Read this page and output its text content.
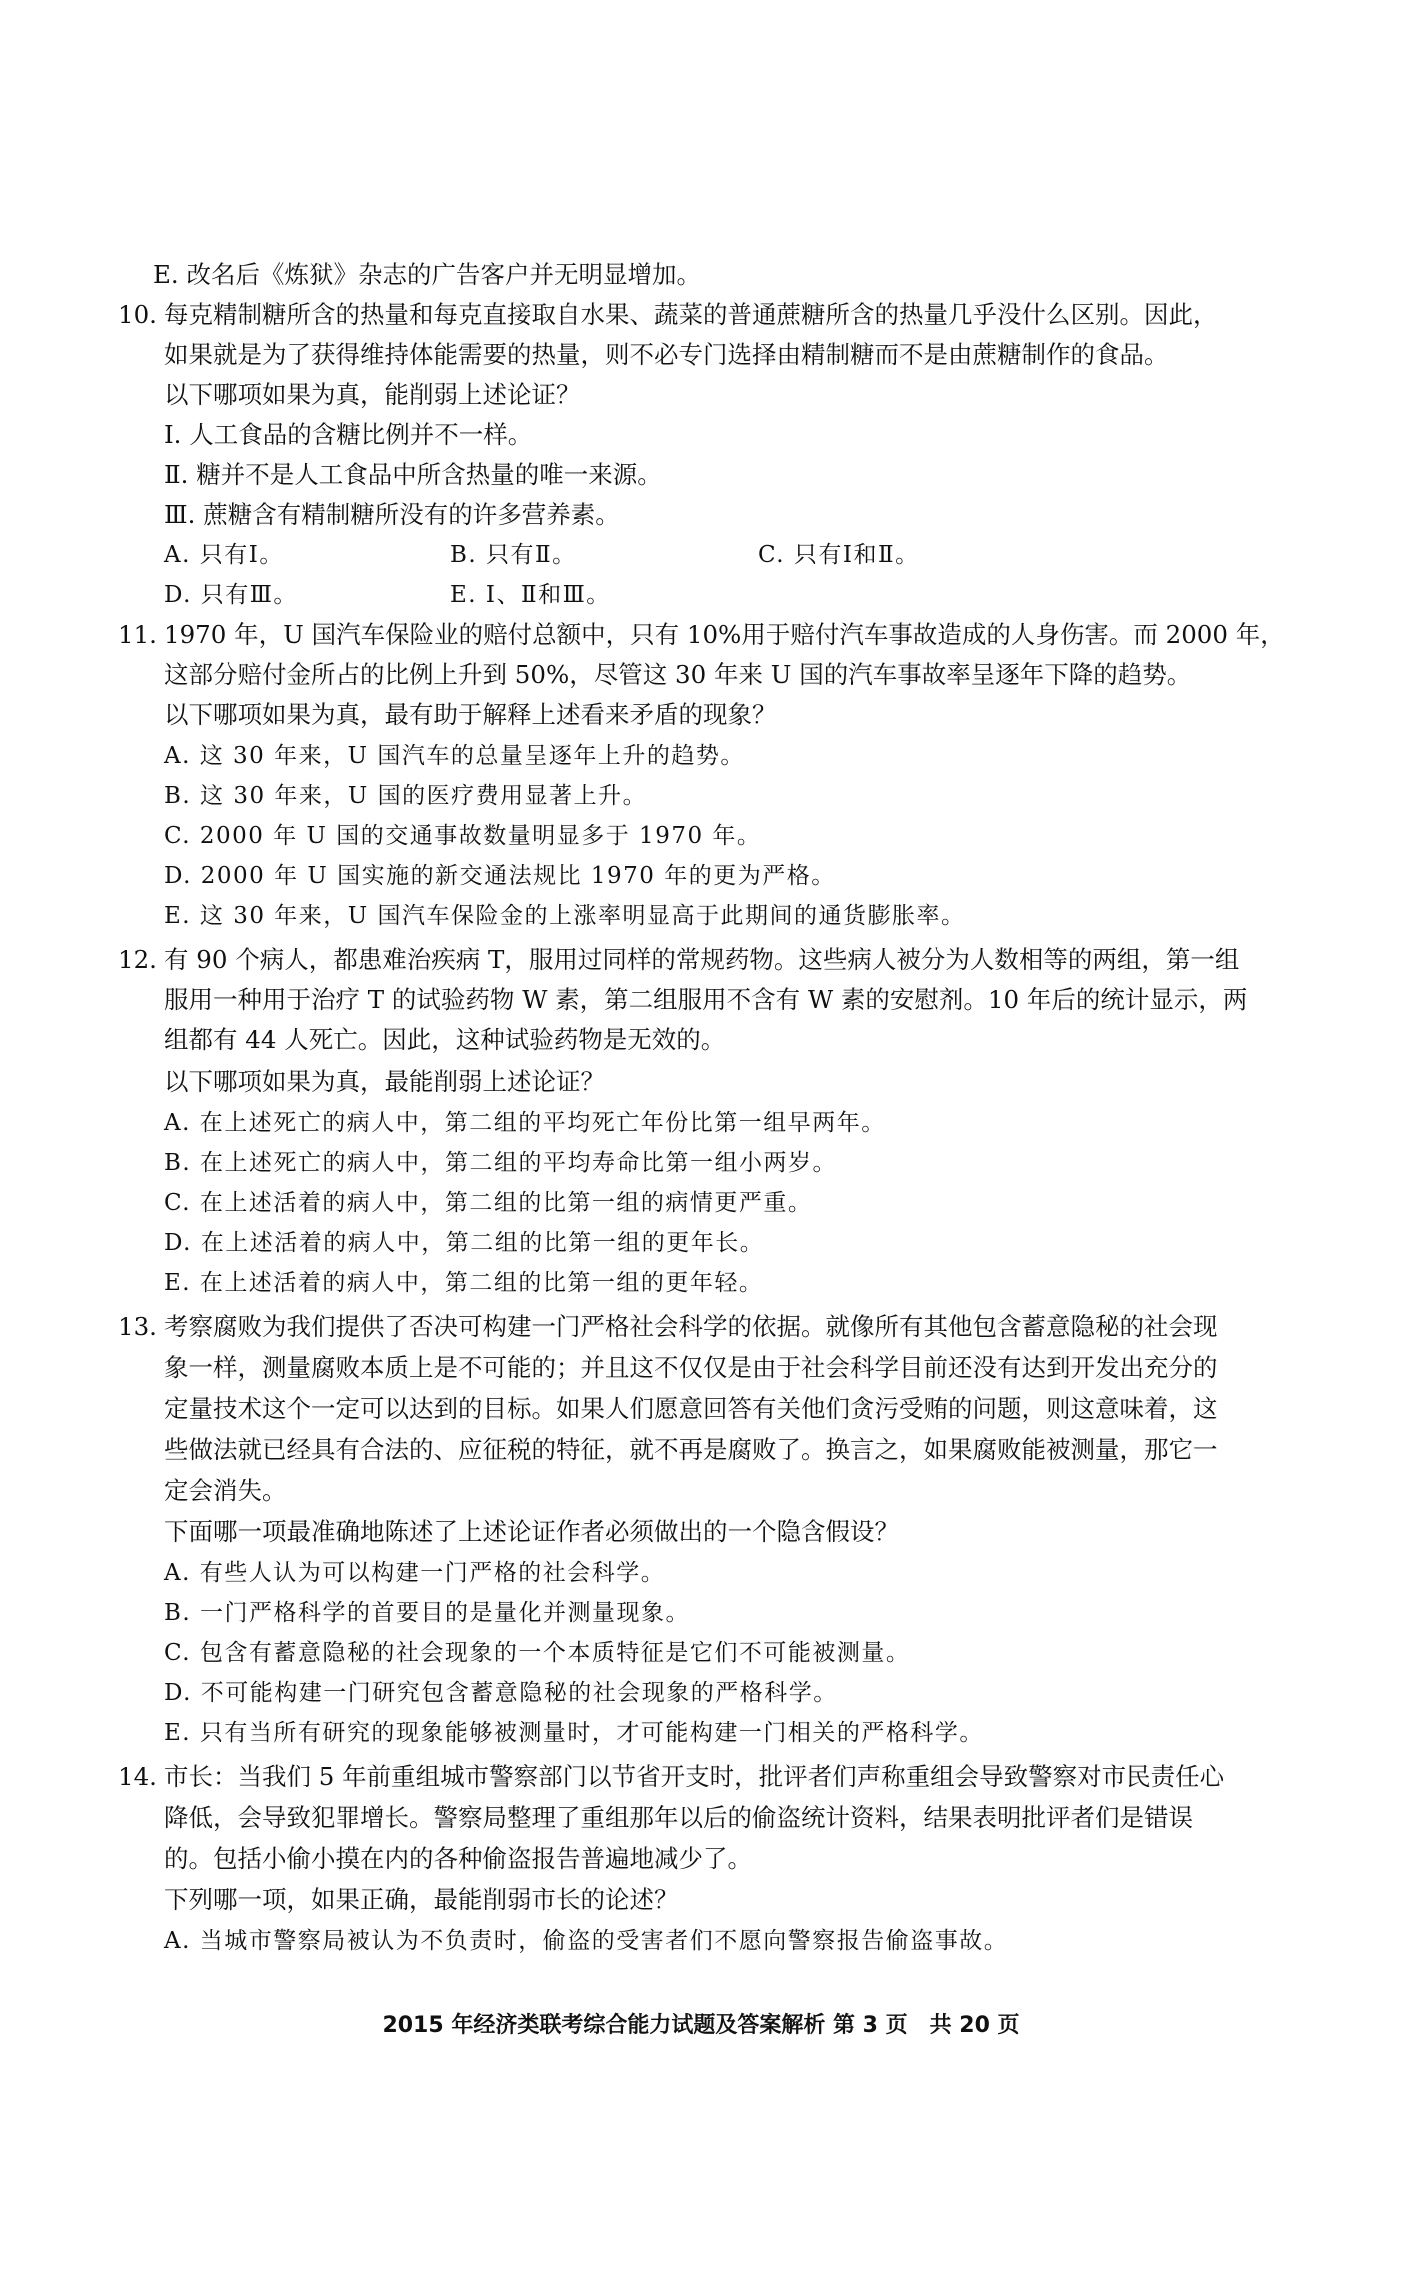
E. 改名后《炼狱》杂志的广告客户并无明显增加。
10. 每克精制糖所含的热量和每克直接取自水果、蔬菜的普通蔗糖所含的热量几乎没什么区别。因此，
如果就是为了获得维持体能需要的热量，则不必专门选择由精制糖而不是由蔗糖制作的食品。
以下哪项如果为真，能削弱上述论证？
Ⅰ. 人工食品的含糖比例并不一样。
Ⅱ. 糖并不是人工食品中所含热量的唯一来源。
Ⅲ. 蔗糖含有精制糖所没有的许多营养素。
A. 只有Ⅰ。	B. 只有Ⅱ。	C. 只有Ⅰ和Ⅱ。
D. 只有Ⅲ。	E. Ⅰ、Ⅱ和Ⅲ。
11. 1970 年，U 国汽车保险业的赔付总额中，只有 10%用于赔付汽车事故造成的人身伤害。而 2000 年，
这部分赔付金所占的比例上升到 50%，尽管这 30 年来 U 国的汽车事故率呈逐年下降的趋势。
以下哪项如果为真，最有助于解释上述看来矛盾的现象？
A. 这 30 年来，U 国汽车的总量呈逐年上升的趋势。
B. 这 30 年来，U 国的医疗费用显著上升。
C. 2000 年 U 国的交通事故数量明显多于 1970 年。
D. 2000 年 U 国实施的新交通法规比 1970 年的更为严格。
E. 这 30 年来，U 国汽车保险金的上涨率明显高于此期间的通货膨胀率。
12. 有 90 个病人，都患难治疾病 T，服用过同样的常规药物。这些病人被分为人数相等的两组，第一组
服用一种用于治疗 T 的试验药物 W 素，第二组服用不含有 W 素的安慰剂。10 年后的统计显示，两
组都有 44 人死亡。因此，这种试验药物是无效的。
以下哪项如果为真，最能削弱上述论证？
A. 在上述死亡的病人中，第二组的平均死亡年份比第一组早两年。
B. 在上述死亡的病人中，第二组的平均寿命比第一组小两岁。
C. 在上述活着的病人中，第二组的比第一组的病情更严重。
D. 在上述活着的病人中，第二组的比第一组的更年长。
E. 在上述活着的病人中，第二组的比第一组的更年轻。
13. 考察腐败为我们提供了否决可构建一门严格社会科学的依据。就像所有其他包含蓄意隐秘的社会现
象一样，测量腐败本质上是不可能的；并且这不仅仅是由于社会科学目前还没有达到开发出充分的
定量技术这个一定可以达到的目标。如果人们愿意回答有关他们贪污受贿的问题，则这意味着，这
些做法就已经具有合法的、应征税的特征，就不再是腐败了。换言之，如果腐败能被测量，那它一
定会消失。
下面哪一项最准确地陈述了上述论证作者必须做出的一个隐含假设？
A. 有些人认为可以构建一门严格的社会科学。
B. 一门严格科学的首要目的是量化并测量现象。
C. 包含有蓄意隐秘的社会现象的一个本质特征是它们不可能被测量。
D. 不可能构建一门研究包含蓄意隐秘的社会现象的严格科学。
E. 只有当所有研究的现象能够被测量时，才可能构建一门相关的严格科学。
14. 市长：当我们 5 年前重组城市警察部门以节省开支时，批评者们声称重组会导致警察对市民责任心
降低，会导致犯罪增长。警察局整理了重组那年以后的偷盗统计资料，结果表明批评者们是错误
的。包括小偷小摸在内的各种偷盗报告普遍地减少了。
下列哪一项，如果正确，最能削弱市长的论述？
A. 当城市警察局被认为不负责时，偷盗的受害者们不愿向警察报告偷盗事故。
2015 年经济类联考综合能力试题及答案解析 第 3 页　共 20 页
